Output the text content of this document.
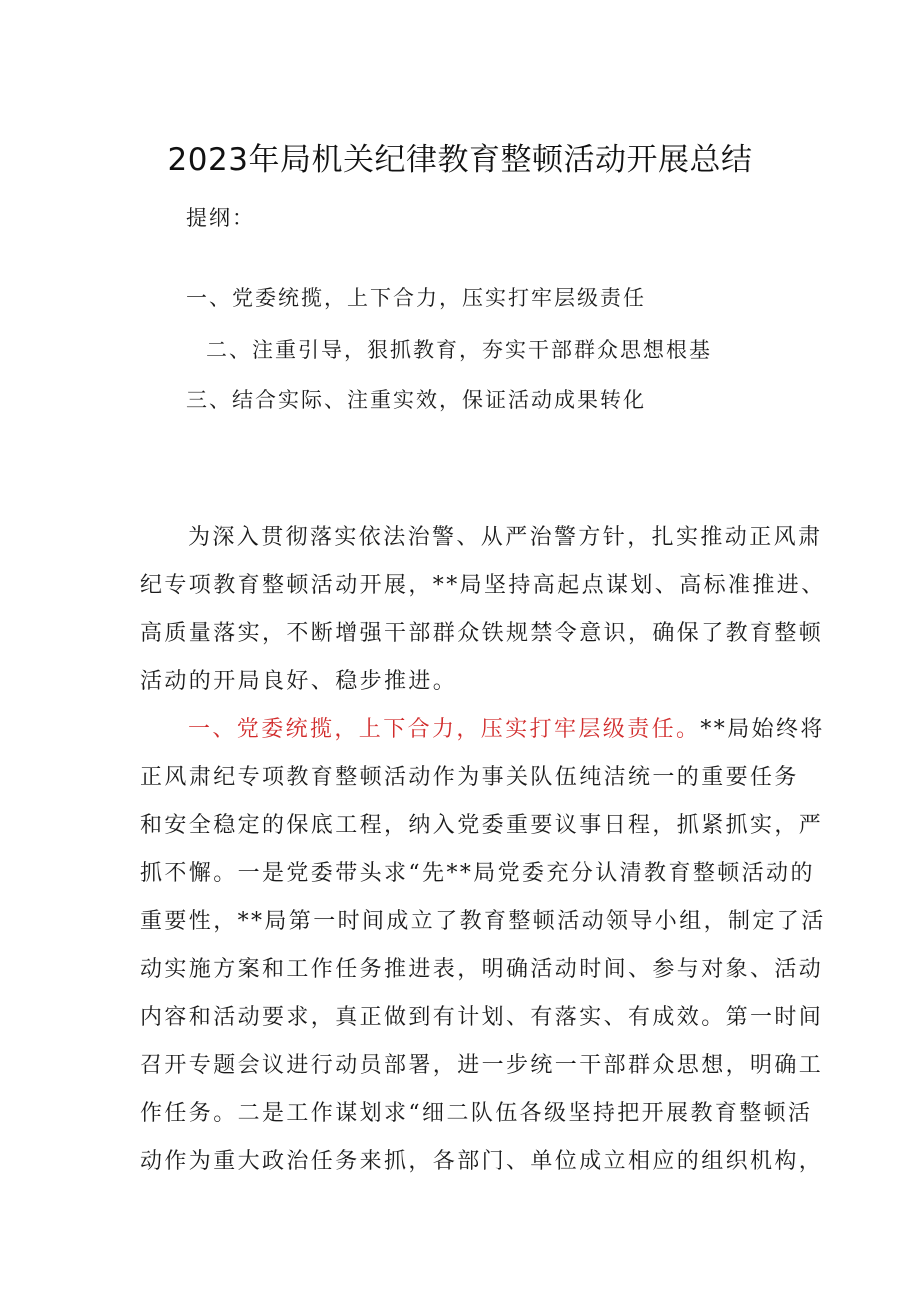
2023年局机关纪律教育整顿活动开展总结
提纲：
一、党委统揽，上下合力，压实打牢层级责任
二、注重引导，狠抓教育，夯实干部群众思想根基
三、结合实际、注重实效，保证活动成果转化
为深入贯彻落实依法治警、从严治警方针，扎实推动正风肃
纪专项教育整顿活动开展，**局坚持高起点谋划、高标准推进、
高质量落实，不断增强干部群众铁规禁令意识，确保了教育整顿
活动的开局良好、稳步推进。
一、党委统揽，上下合力，压实打牢层级责任。**局始终将
正风肃纪专项教育整顿活动作为事关队伍纯洁统一的重要任务
和安全稳定的保底工程，纳入党委重要议事日程，抓紧抓实，严
抓不懈。一是党委带头求“先**局党委充分认清教育整顿活动的
重要性，**局第一时间成立了教育整顿活动领导小组，制定了活
动实施方案和工作任务推进表，明确活动时间、参与对象、活动
内容和活动要求，真正做到有计划、有落实、有成效。第一时间
召开专题会议进行动员部署，进一步统一干部群众思想，明确工
作任务。二是工作谋划求“细二队伍各级坚持把开展教育整顿活
动作为重大政治任务来抓，各部门、单位成立相应的组织机构，
